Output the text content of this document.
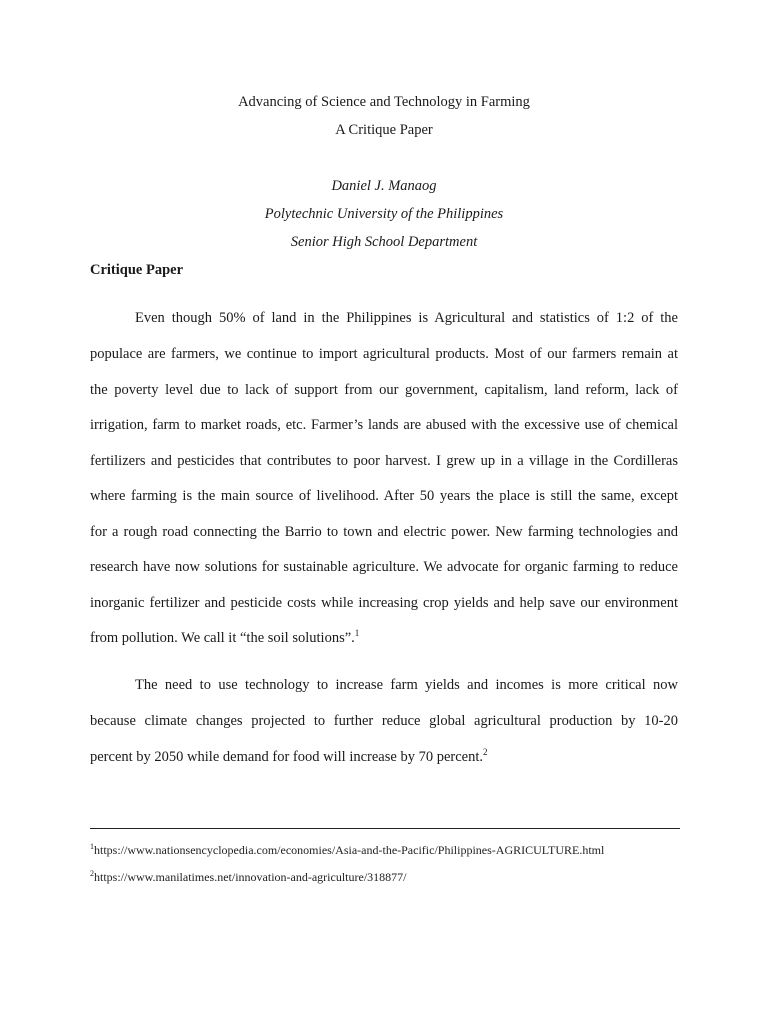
Advancing of Science and Technology in Farming
A Critique Paper
Daniel J. Manaog
Polytechnic University of the Philippines
Senior High School Department
Critique Paper
Even though 50% of land in the Philippines is Agricultural and statistics of 1:2 of the
populace are farmers, we continue to import agricultural products. Most of our farmers remain at
the poverty level due to lack of support from our government, capitalism, land reform, lack of
irrigation, farm to market roads, etc. Farmer’s lands are abused with the excessive use of chemical
fertilizers and pesticides that contributes to poor harvest. I grew up in a village in the Cordilleras
where farming is the main source of livelihood. After 50 years the place is still the same, except
for a rough road connecting the Barrio to town and electric power. New farming technologies and
research have now solutions for sustainable agriculture. We advocate for organic farming to reduce
inorganic fertilizer and pesticide costs while increasing crop yields and help save our environment
from pollution. We call it “the soil solutions”.$^1$
The need to use technology to increase farm yields and incomes is more critical now
because climate changes projected to further reduce global agricultural production by 10-20
percent by 2050 while demand for food will increase by 70 percent.$^2$
$^1$https://www.nationsencyclopedia.com/economies/Asia-and-the-Pacific/Philippines-AGRICULTURE.html
$^2$https://www.manilatimes.net/innovation-and-agriculture/318877/
